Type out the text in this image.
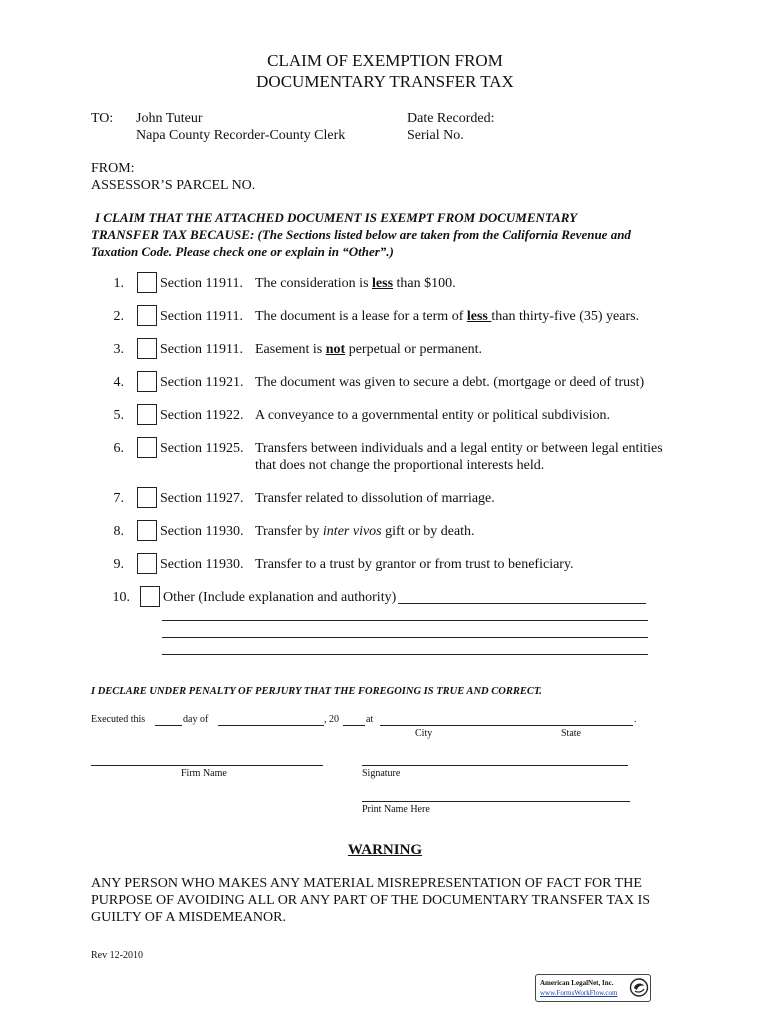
CLAIM OF EXEMPTION FROM
DOCUMENTARY TRANSFER TAX
TO: John Tuteur
Napa County Recorder-County Clerk
Date Recorded:
Serial No.
FROM:
ASSESSOR’S PARCEL NO.
I CLAIM THAT THE ATTACHED DOCUMENT IS EXEMPT FROM DOCUMENTARY
TRANSFER TAX BECAUSE: (The Sections listed below are taken from the California Revenue and
Taxation Code. Please check one or explain in “Other”.)
1.	Section 11911. The consideration is less than $100.
2.	Section 11911. The document is a lease for a term of less than thirty-five (35) years.
3.	Section 11911. Easement is not perpetual or permanent.
4.	Section 11921. The document was given to secure a debt. (mortgage or deed of trust)
5.	Section 11922. A conveyance to a governmental entity or political subdivision.
6.	Section 11925. Transfers between individuals and a legal entity or between legal entities
that does not change the proportional interests held.
7.	Section 11927. Transfer related to dissolution of marriage.
8.	Section 11930. Transfer by inter vivos gift or by death.
9.	Section 11930. Transfer to a trust by grantor or from trust to beneficiary.
10. Other (Include explanation and authority)
I DECLARE UNDER PENALTY OF PERJURY THAT THE FOREGOING IS TRUE AND CORRECT.
Executed this	day of	, 20	at	.
City	State
Firm Name	Signature
Print Name Here
WARNING
ANY PERSON WHO MAKES ANY MATERIAL MISREPRESENTATION OF FACT FOR THE
PURPOSE OF AVOIDING ALL OR ANY PART OF THE DOCUMENTARY TRANSFER TAX IS
GUILTY OF A MISDEMEANOR.
Rev 12-2010
American LegalNet, Inc.
www.FormsWorkFlow.com
